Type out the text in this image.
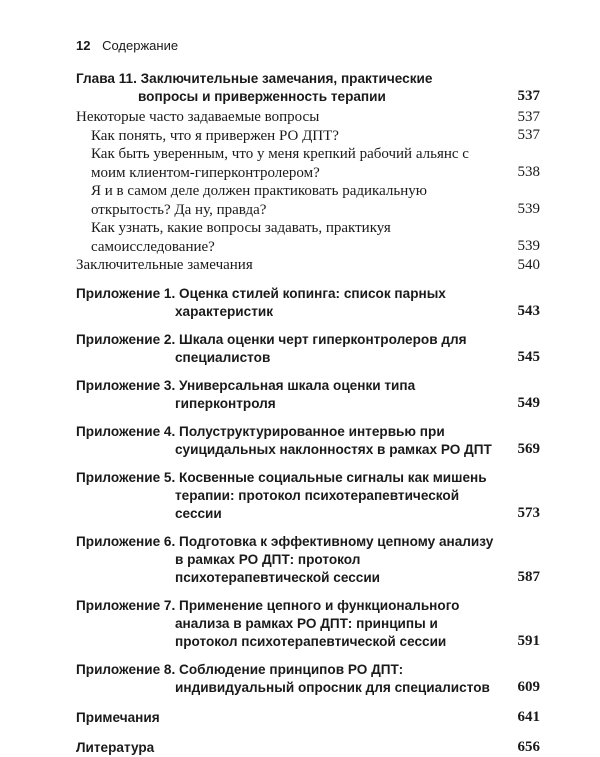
12 Содержание
Глава 11. Заключительные замечания, практические вопросы и приверженность терапии	537
Некоторые часто задаваемые вопросы	537
Как понять, что я привержен РО ДПТ?	537
Как быть уверенным, что у меня крепкий рабочий альянс с моим клиентом-гиперконтролером?	538
Я и в самом деле должен практиковать радикальную открытость? Да ну, правда?	539
Как узнать, какие вопросы задавать, практикуя самоисследование?	539
Заключительные замечания	540
Приложение 1. Оценка стилей копинга: список парных характеристик	543
Приложение 2. Шкала оценки черт гиперконтролеров для специалистов	545
Приложение 3. Универсальная шкала оценки типа гиперконтроля	549
Приложение 4. Полуструктурированное интервью при суицидальных наклонностях в рамках РО ДПТ 569
Приложение 5. Косвенные социальные сигналы как мишень терапии: протокол психотерапевтической сессии	573
Приложение 6. Подготовка к эффективному цепному анализу в рамках РО ДПТ: протокол психотерапевтической сессии	587
Приложение 7. Применение цепного и функционального анализа в рамках РО ДПТ: принципы и протокол психотерапевтической сессии	591
Приложение 8. Соблюдение принципов РО ДПТ: индивидуальный опросник для специалистов	609
Примечания	641
Литература	656
